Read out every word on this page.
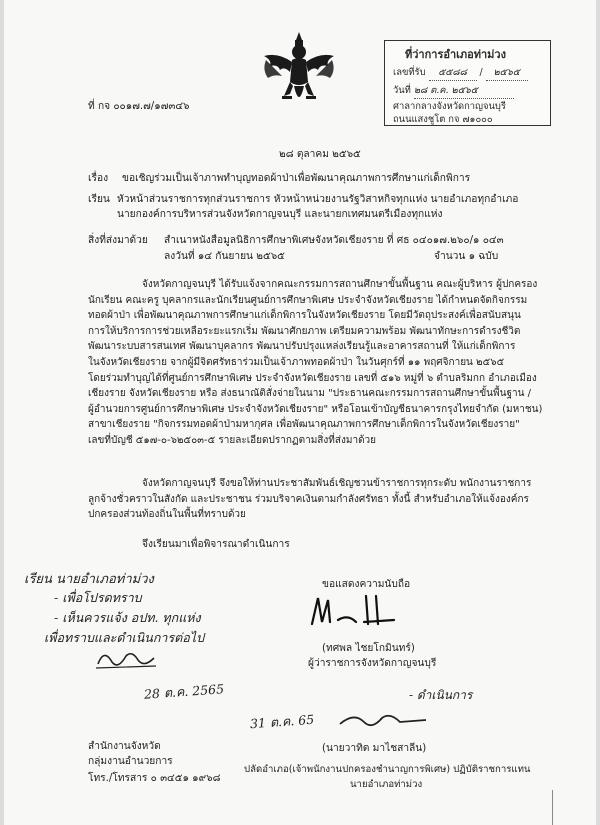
ที่ว่าการอำเภอท่าม่วง
เลขที่รับ ๕๕๘๘ / ๒๕๖๕
วันที่ ๒๘ ต.ค. ๒๕๖๕
ศาลากลางจังหวัดกาญจนบุรี
ถนนแสงชูโต กจ ๗๑๐๐๐
ที่ กจ ๐๐๑๗.๗/๑๗๓๔๖
๒๘ ตุลาคม ๒๕๖๕
เรื่อง ขอเชิญร่วมเป็นเจ้าภาพทำบุญทอดผ้าป่าเพื่อพัฒนาคุณภาพการศึกษาแก่เด็กพิการ
เรียน หัวหน้าส่วนราชการทุกส่วนราชการ หัวหน้าหน่วยงานรัฐวิสาหกิจทุกแห่ง นายอำเภอทุกอำเภอ
นายกองค์การบริหารส่วนจังหวัดกาญจนบุรี และนายกเทศมนตรีเมืองทุกแห่ง
สิ่งที่ส่งมาด้วย สำเนาหนังสือมูลนิธิการศึกษาพิเศษจังหวัดเชียงราย ที่ ศธ ๐๔๐๑๗.๒๖๐/๑ ๐๔๓
ลงวันที่ ๑๔ กันยายน ๒๕๖๕	จำนวน ๑ ฉบับ
จังหวัดกาญจนบุรี ได้รับแจ้งจากคณะกรรมการสถานศึกษาขั้นพื้นฐาน คณะผู้บริหาร ผู้ปกครอง
นักเรียน คณะครู บุคลากรและนักเรียนศูนย์การศึกษาพิเศษ ประจำจังหวัดเชียงราย ได้กำหนดจัดกิจกรรม
ทอดผ้าป่า เพื่อพัฒนาคุณภาพการศึกษาแก่เด็กพิการในจังหวัดเชียงราย โดยมีวัตถุประสงค์เพื่อสนับสนุน
การให้บริการการช่วยเหลือระยะแรกเริ่ม พัฒนาศักยภาพ เตรียมความพร้อม พัฒนาทักษะการดำรงชีวิต
พัฒนาระบบสารสนเทศ พัฒนาบุคลากร พัฒนาปรับปรุงแหล่งเรียนรู้และอาคารสถานที่ ให้แก่เด็กพิการ
ในจังหวัดเชียงราย จากผู้มีจิตศรัทธาร่วมเป็นเจ้าภาพทอดผ้าป่า ในวันศุกร์ที่ ๑๑ พฤศจิกายน ๒๕๖๕
โดยร่วมทำบุญได้ที่ศูนย์การศึกษาพิเศษ ประจำจังหวัดเชียงราย เลขที่ ๕๑๖ หมู่ที่ ๖ ตำบลริมกก อำเภอเมือง
เชียงราย จังหวัดเชียงราย หรือ ส่งธนาณัติสั่งจ่ายในนาม "ประธานคณะกรรมการสถานศึกษาขั้นพื้นฐาน /
ผู้อำนวยการศูนย์การศึกษาพิเศษ ประจำจังหวัดเชียงราย" หรือโอนเข้าบัญชีธนาคารกรุงไทยจำกัด (มหาชน)
สาขาเชียงราย "กิจกรรมทอดผ้าป่ามหากุศล เพื่อพัฒนาคุณภาพการศึกษาเด็กพิการในจังหวัดเชียงราย"
เลขที่บัญชี ๕๑๗-๐-๖๒๕๐๓-๕ รายละเอียดปรากฏตามสิ่งที่ส่งมาด้วย
จังหวัดกาญจนบุรี จึงขอให้ท่านประชาสัมพันธ์เชิญชวนข้าราชการทุกระดับ พนักงานราชการ
ลูกจ้างชั่วคราวในสังกัด และประชาชน ร่วมบริจาคเงินตามกำลังศรัทธา ทั้งนี้ สำหรับอำเภอให้แจ้งองค์กร
ปกครองส่วนท้องถิ่นในพื้นที่ทราบด้วย
จึงเรียนมาเพื่อพิจารณาดำเนินการ
ขอแสดงความนับถือ
(ทศพล ไชยโกมินทร์)
ผู้ว่าราชการจังหวัดกาญจนบุรี
เรียน นายอำเภอท่าม่วง
- เพื่อโปรดทราบ
- เห็นควรแจ้ง อปท. ทุกแห่ง
เพื่อทราบและดำเนินการต่อไป
28 ต.ค. 2565
31 ต.ค. 65
- ดำเนินการ
สำนักงานจังหวัด
กลุ่มงานอำนวยการ
โทร./โทรสาร ๐ ๓๔๕๑ ๑๙๖๘
(นายวาทิต มาไชสาลีน)
ปลัดอำเภอ(เจ้าพนักงานปกครองชำนาญการพิเศษ) ปฏิบัติราชการแทน
นายอำเภอท่าม่วง
